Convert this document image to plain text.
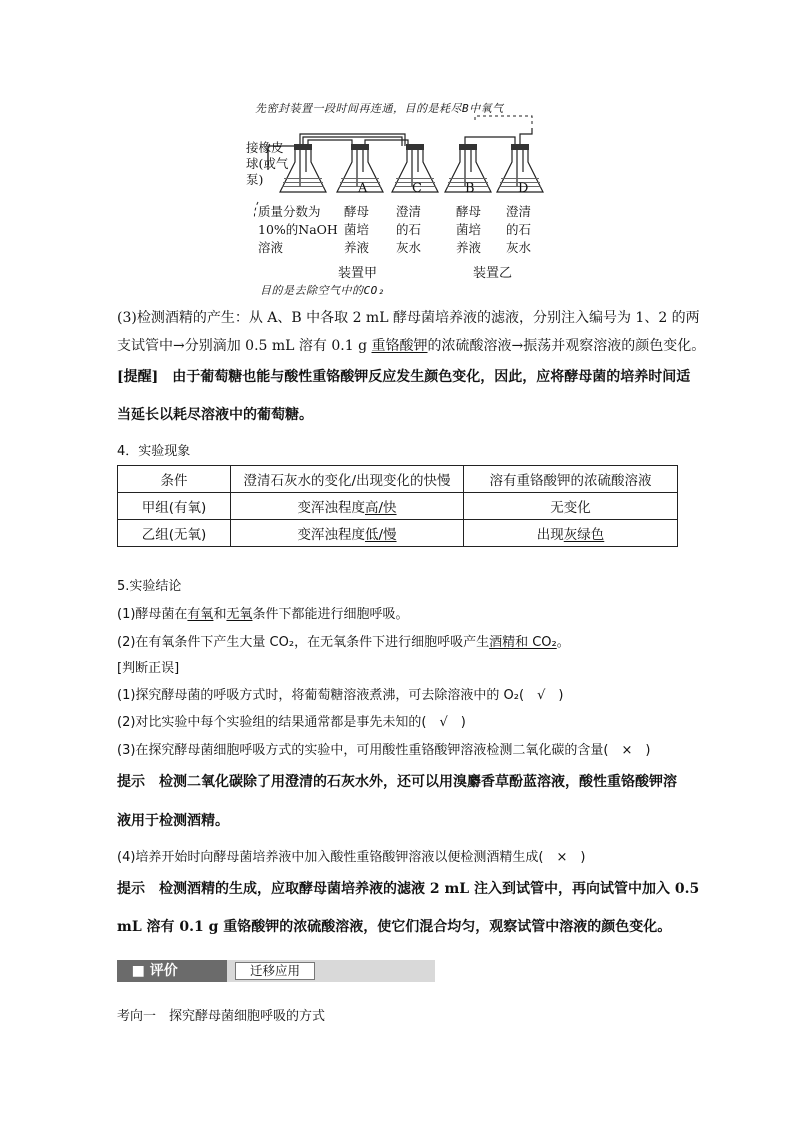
先密封装置一段时间再连通，目的是耗尽B中氧气
接橡皮
球(或气
泵)
A	C	B	D
质量分数为
10%的NaOH
溶液
酵母
菌培
养液
澄清
的石
灰水
酵母
菌培
养液
澄清
的石
灰水
装置甲	装置乙
目的是去除空气中的CO₂
(3)检测酒精的产生：从 A、B 中各取 2 mL 酵母菌培养液的滤液，分别注入编号为 1、2 的两
支试管中→分别滴加 0.5 mL 溶有 0.1 g 重铬酸钾的浓硫酸溶液→振荡并观察溶液的颜色变化。
[提醒]　 由于葡萄糖也能与酸性重铬酸钾反应发生颜色变化，因此，应将酵母菌的培养时间适
当延长以耗尽溶液中的葡萄糖。
4．实验现象
条件	澄清石灰水的变化/出现变化的快慢	溶有重铬酸钾的浓硫酸溶液
甲组(有氧)	变浑浊程度高/快	无变化
乙组(无氧)	变浑浊程度低/慢	出现灰绿色
5.实验结论
(1)酵母菌在有氧和无氧条件下都能进行细胞呼吸。
(2)在有氧条件下产生大量 CO₂，在无氧条件下进行细胞呼吸产生酒精和 CO₂。
[判断正误]
(1)探究酵母菌的呼吸方式时，将葡萄糖溶液煮沸，可去除溶液中的 O₂(　√　)
(2)对比实验中每个实验组的结果通常都是事先未知的(　√　)
(3)在探究酵母菌细胞呼吸方式的实验中，可用酸性重铬酸钾溶液检测二氧化碳的含量(　×　)
提示　 检测二氧化碳除了用澄清的石灰水外，还可以用溴麝香草酚蓝溶液，酸性重铬酸钾溶
液用于检测酒精。
(4)培养开始时向酵母菌培养液中加入酸性重铬酸钾溶液以便检测酒精生成(　×　)
提示　 检测酒精的生成，应取酵母菌培养液的滤液 2 mL 注入到试管中，再向试管中加入 0.5
mL 溶有 0.1 g 重铬酸钾的浓硫酸溶液，使它们混合均匀，观察试管中溶液的颜色变化。
■ 评价	迁移应用
考向一　探究酵母菌细胞呼吸的方式
